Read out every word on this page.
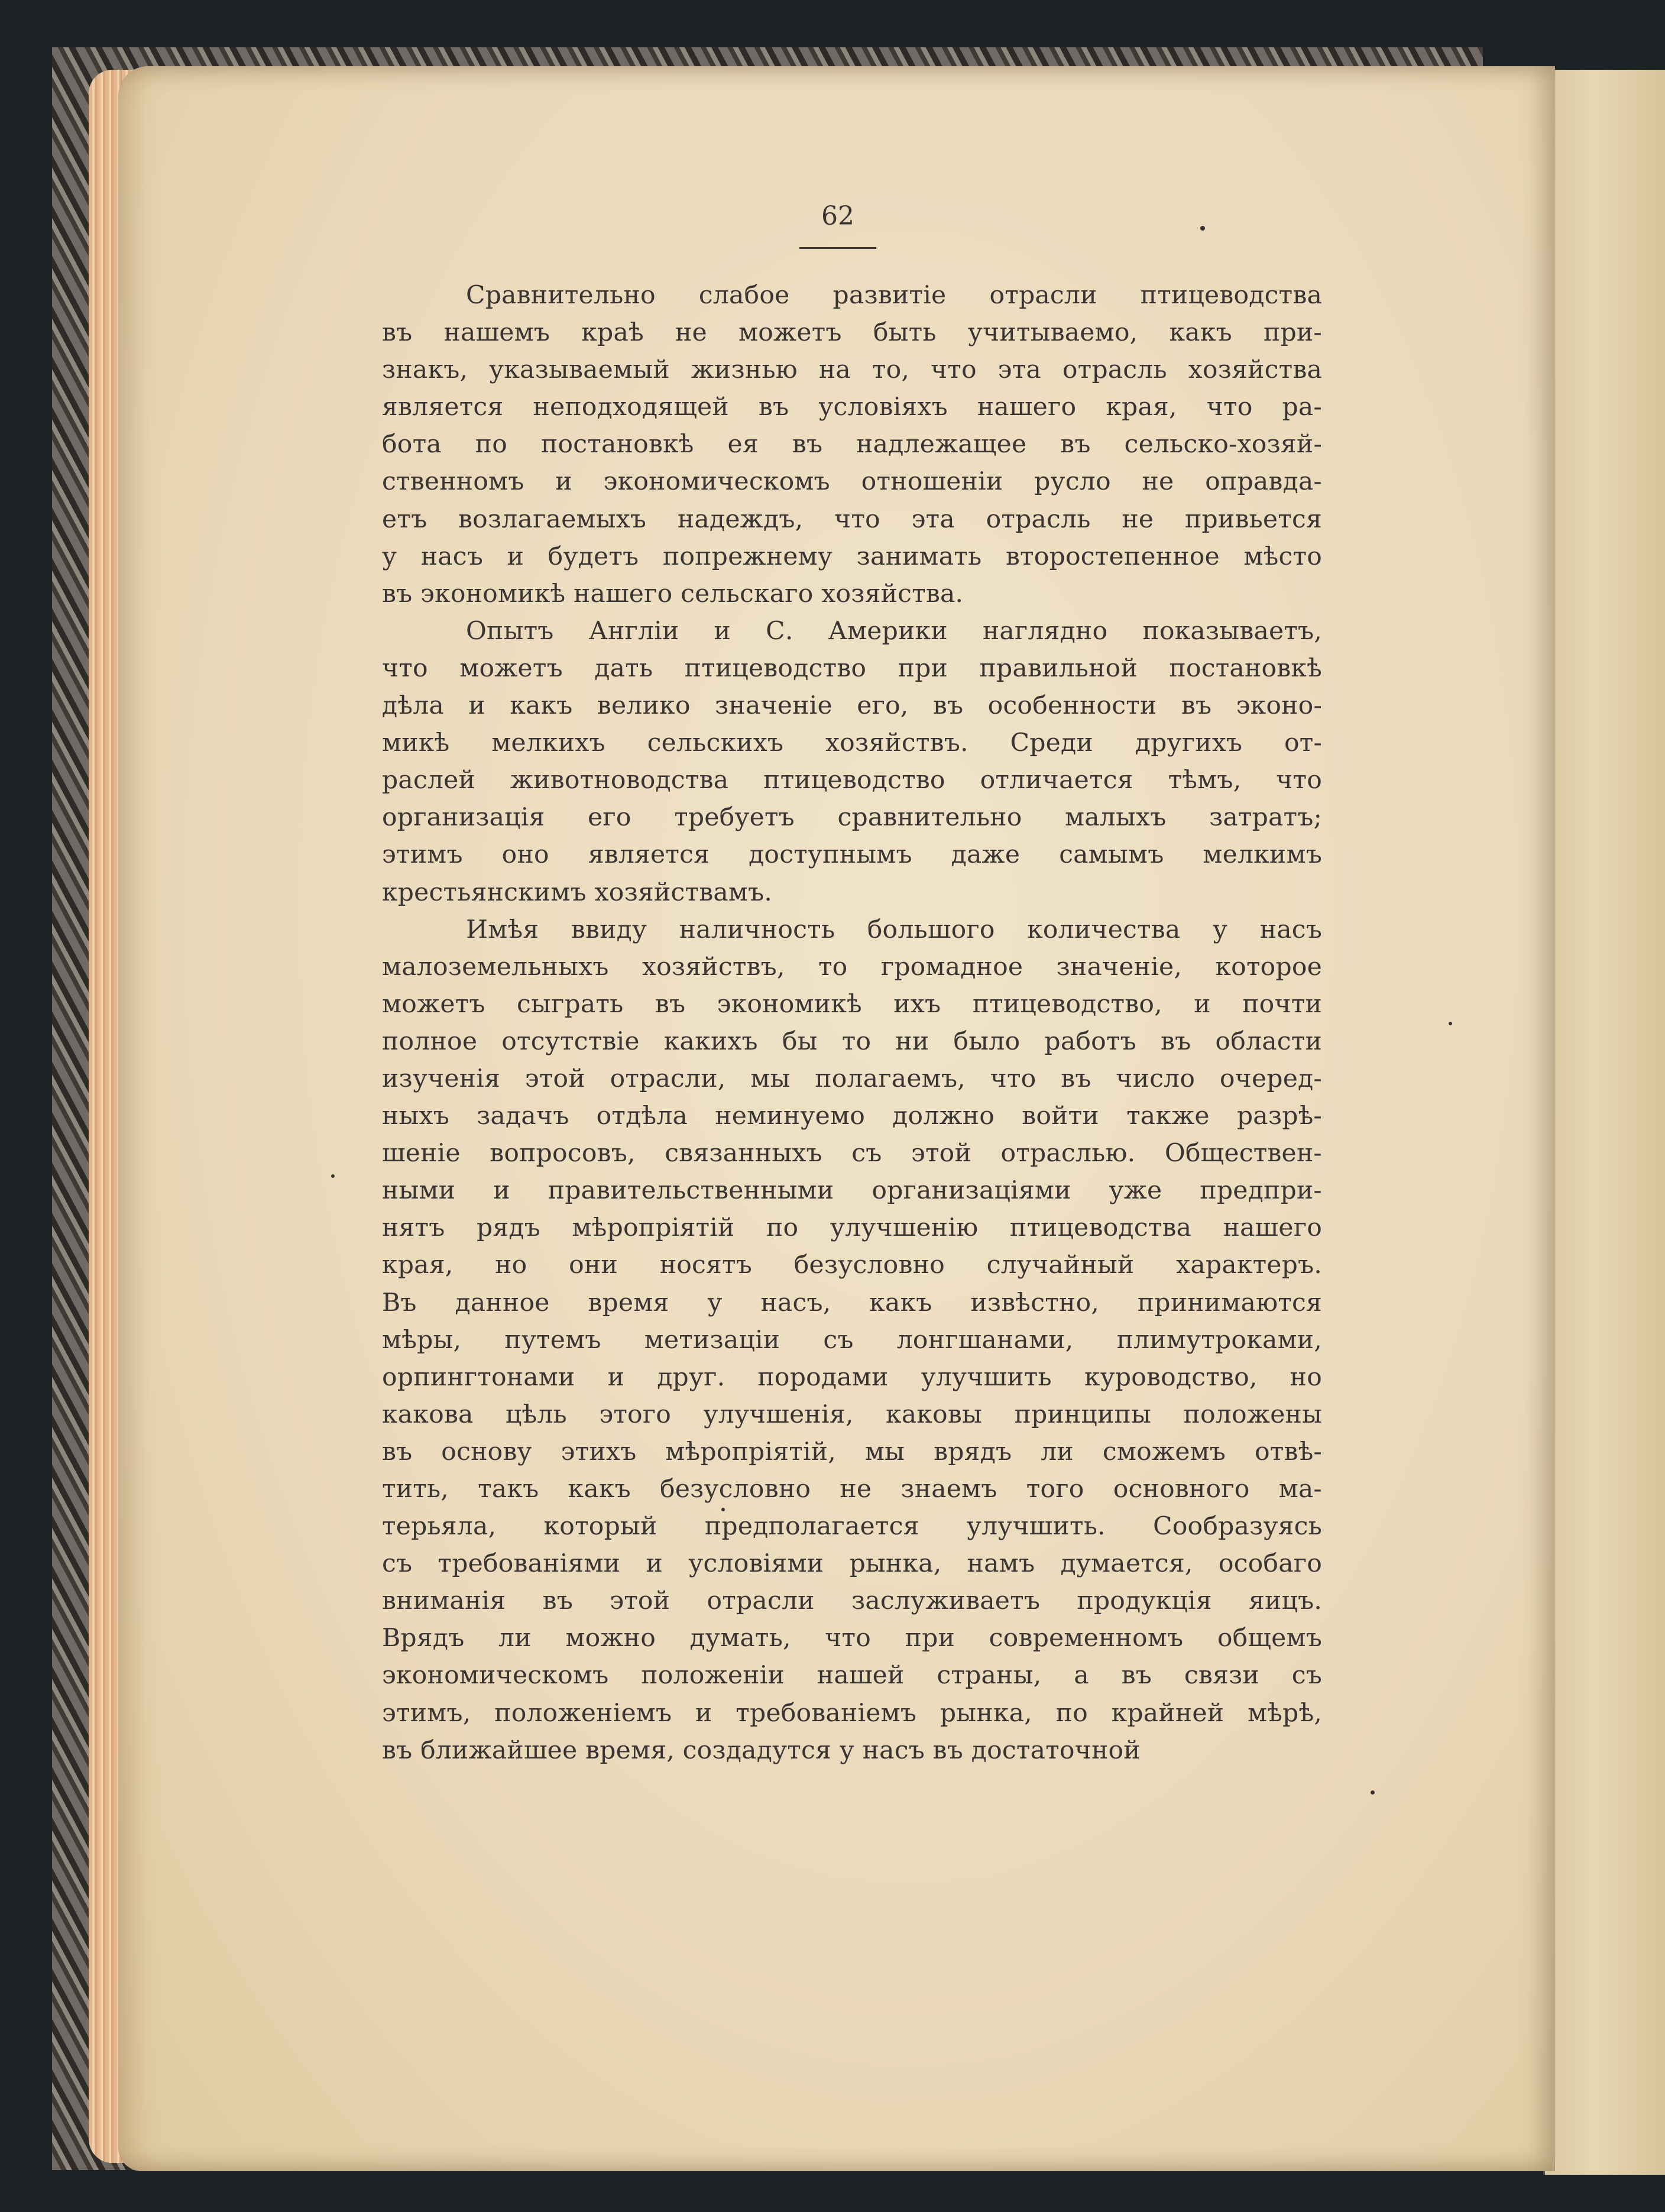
62

Сравнительно слабое развитіе отрасли птицеводства
въ нашемъ краѣ не можетъ быть учитываемо, какъ при-
знакъ, указываемый жизнью на то, что эта отрасль хозяйства
является неподходящей въ условіяхъ нашего края, что ра-
бота по постановкѣ ея въ надлежащее въ сельско-хозяй-
ственномъ и экономическомъ отношеніи русло не оправда-
етъ возлагаемыхъ надеждъ, что эта отрасль не привьется
у насъ и будетъ попрежнему занимать второстепенное мѣсто
въ экономикѣ нашего сельскаго хозяйства.

Опытъ Англіи и С. Америки наглядно показываетъ,
что можетъ дать птицеводство при правильной постановкѣ
дѣла и какъ велико значеніе его, въ особенности въ эконо-
микѣ мелкихъ сельскихъ хозяйствъ. Среди другихъ от-
раслей животноводства птицеводство отличается тѣмъ, что
организація его требуетъ сравнительно малыхъ затратъ;
этимъ оно является доступнымъ даже самымъ мелкимъ
крестьянскимъ хозяйствамъ.

Имѣя ввиду наличность большого количества у насъ
малоземельныхъ хозяйствъ, то громадное значеніе, которое
можетъ сыграть въ экономикѣ ихъ птицеводство, и почти
полное отсутствіе какихъ бы то ни было работъ въ области
изученія этой отрасли, мы полагаемъ, что въ число очеред-
ныхъ задачъ отдѣла неминуемо должно войти также разрѣ-
шеніе вопросовъ, связанныхъ съ этой отраслью. Обществен-
ными и правительственными организаціями уже предпри-
нятъ рядъ мѣропріятій по улучшенію птицеводства нашего
края, но они носятъ безусловно случайный характеръ.
Въ данное время у насъ, какъ извѣстно, принимаются
мѣры, путемъ метизаціи съ лонгшанами, плимутроками,
орпингтонами и друг. породами улучшить куроводство, но
какова цѣль этого улучшенія, каковы принципы положены
въ основу этихъ мѣропріятій, мы врядъ ли сможемъ отвѣ-
тить, такъ какъ безусловно не знаемъ того основного ма-
терьяла, который предполагается улучшить. Сообразуясь
съ требованіями и условіями рынка, намъ думается, особаго
вниманія въ этой отрасли заслуживаетъ продукція яицъ.
Врядъ ли можно думать, что при современномъ общемъ
экономическомъ положеніи нашей страны, а въ связи съ
этимъ, положеніемъ и требованіемъ рынка, по крайней мѣрѣ,
въ ближайшее время, создадутся у насъ въ достаточной
